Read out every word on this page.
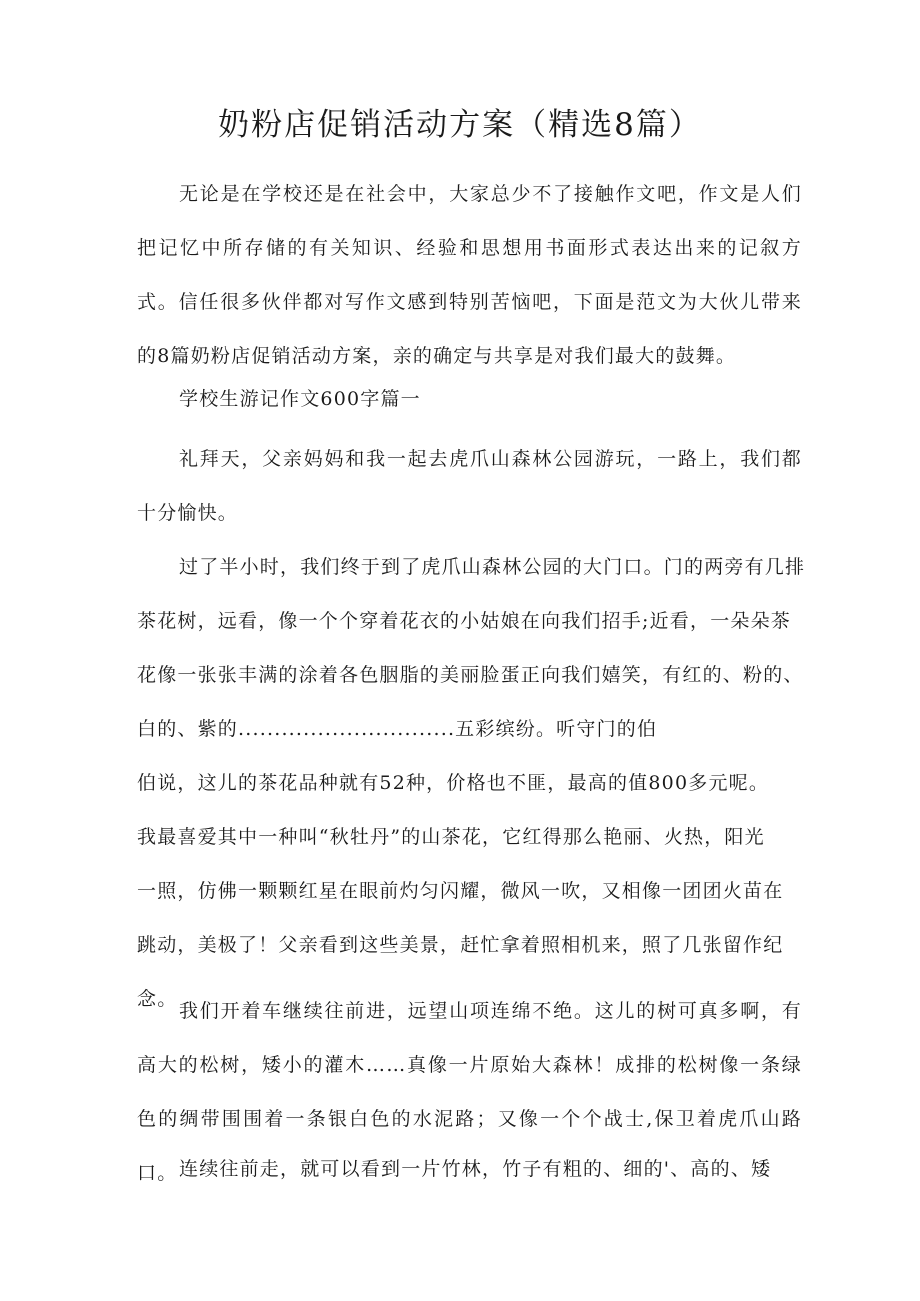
奶粉店促销活动方案（精选8篇）

无论是在学校还是在社会中，大家总少不了接触作文吧，作文是人们把记忆中所存储的有关知识、经验和思想用书面形式表达出来的记叙方式。信任很多伙伴都对写作文感到特别苦恼吧，下面是范文为大伙儿带来的8篇奶粉店促销活动方案，亲的确定与共享是对我们最大的鼓舞。

学校生游记作文600字篇一

礼拜天，父亲妈妈和我一起去虎爪山森林公园游玩，一路上，我们都十分愉快。

过了半小时，我们终于到了虎爪山森林公园的大门口。门的两旁有几排
茶花树，远看，像一个个穿着花衣的小姑娘在向我们招手;近看，一朵朵茶
花像一张张丰满的涂着各色胭脂的美丽脸蛋正向我们嬉笑，有红的、粉的、
白的、紫的..............................五彩缤纷。听守门的伯
伯说，这儿的茶花品种就有52种，价格也不匪，最高的值800多元呢。
我最喜爱其中一种叫“秋牡丹”的山茶花，它红得那么艳丽、火热，阳光
一照，仿佛一颗颗红星在眼前灼匀闪耀，微风一吹，又相像一团团火苗在
跳动，美极了！父亲看到这些美景，赶忙拿着照相机来，照了几张留作纪
念。

我们开着车继续往前进，远望山项连绵不绝。这儿的树可真多啊，有高大的松树，矮小的灌木……真像一片原始大森林！成排的松树像一条绿色的绸带围围着一条银白色的水泥路；又像一个个战士,保卫着虎爪山路口。 连续往前走，就可以看到一片竹林，竹子有粗的、细的'、高的、矮
